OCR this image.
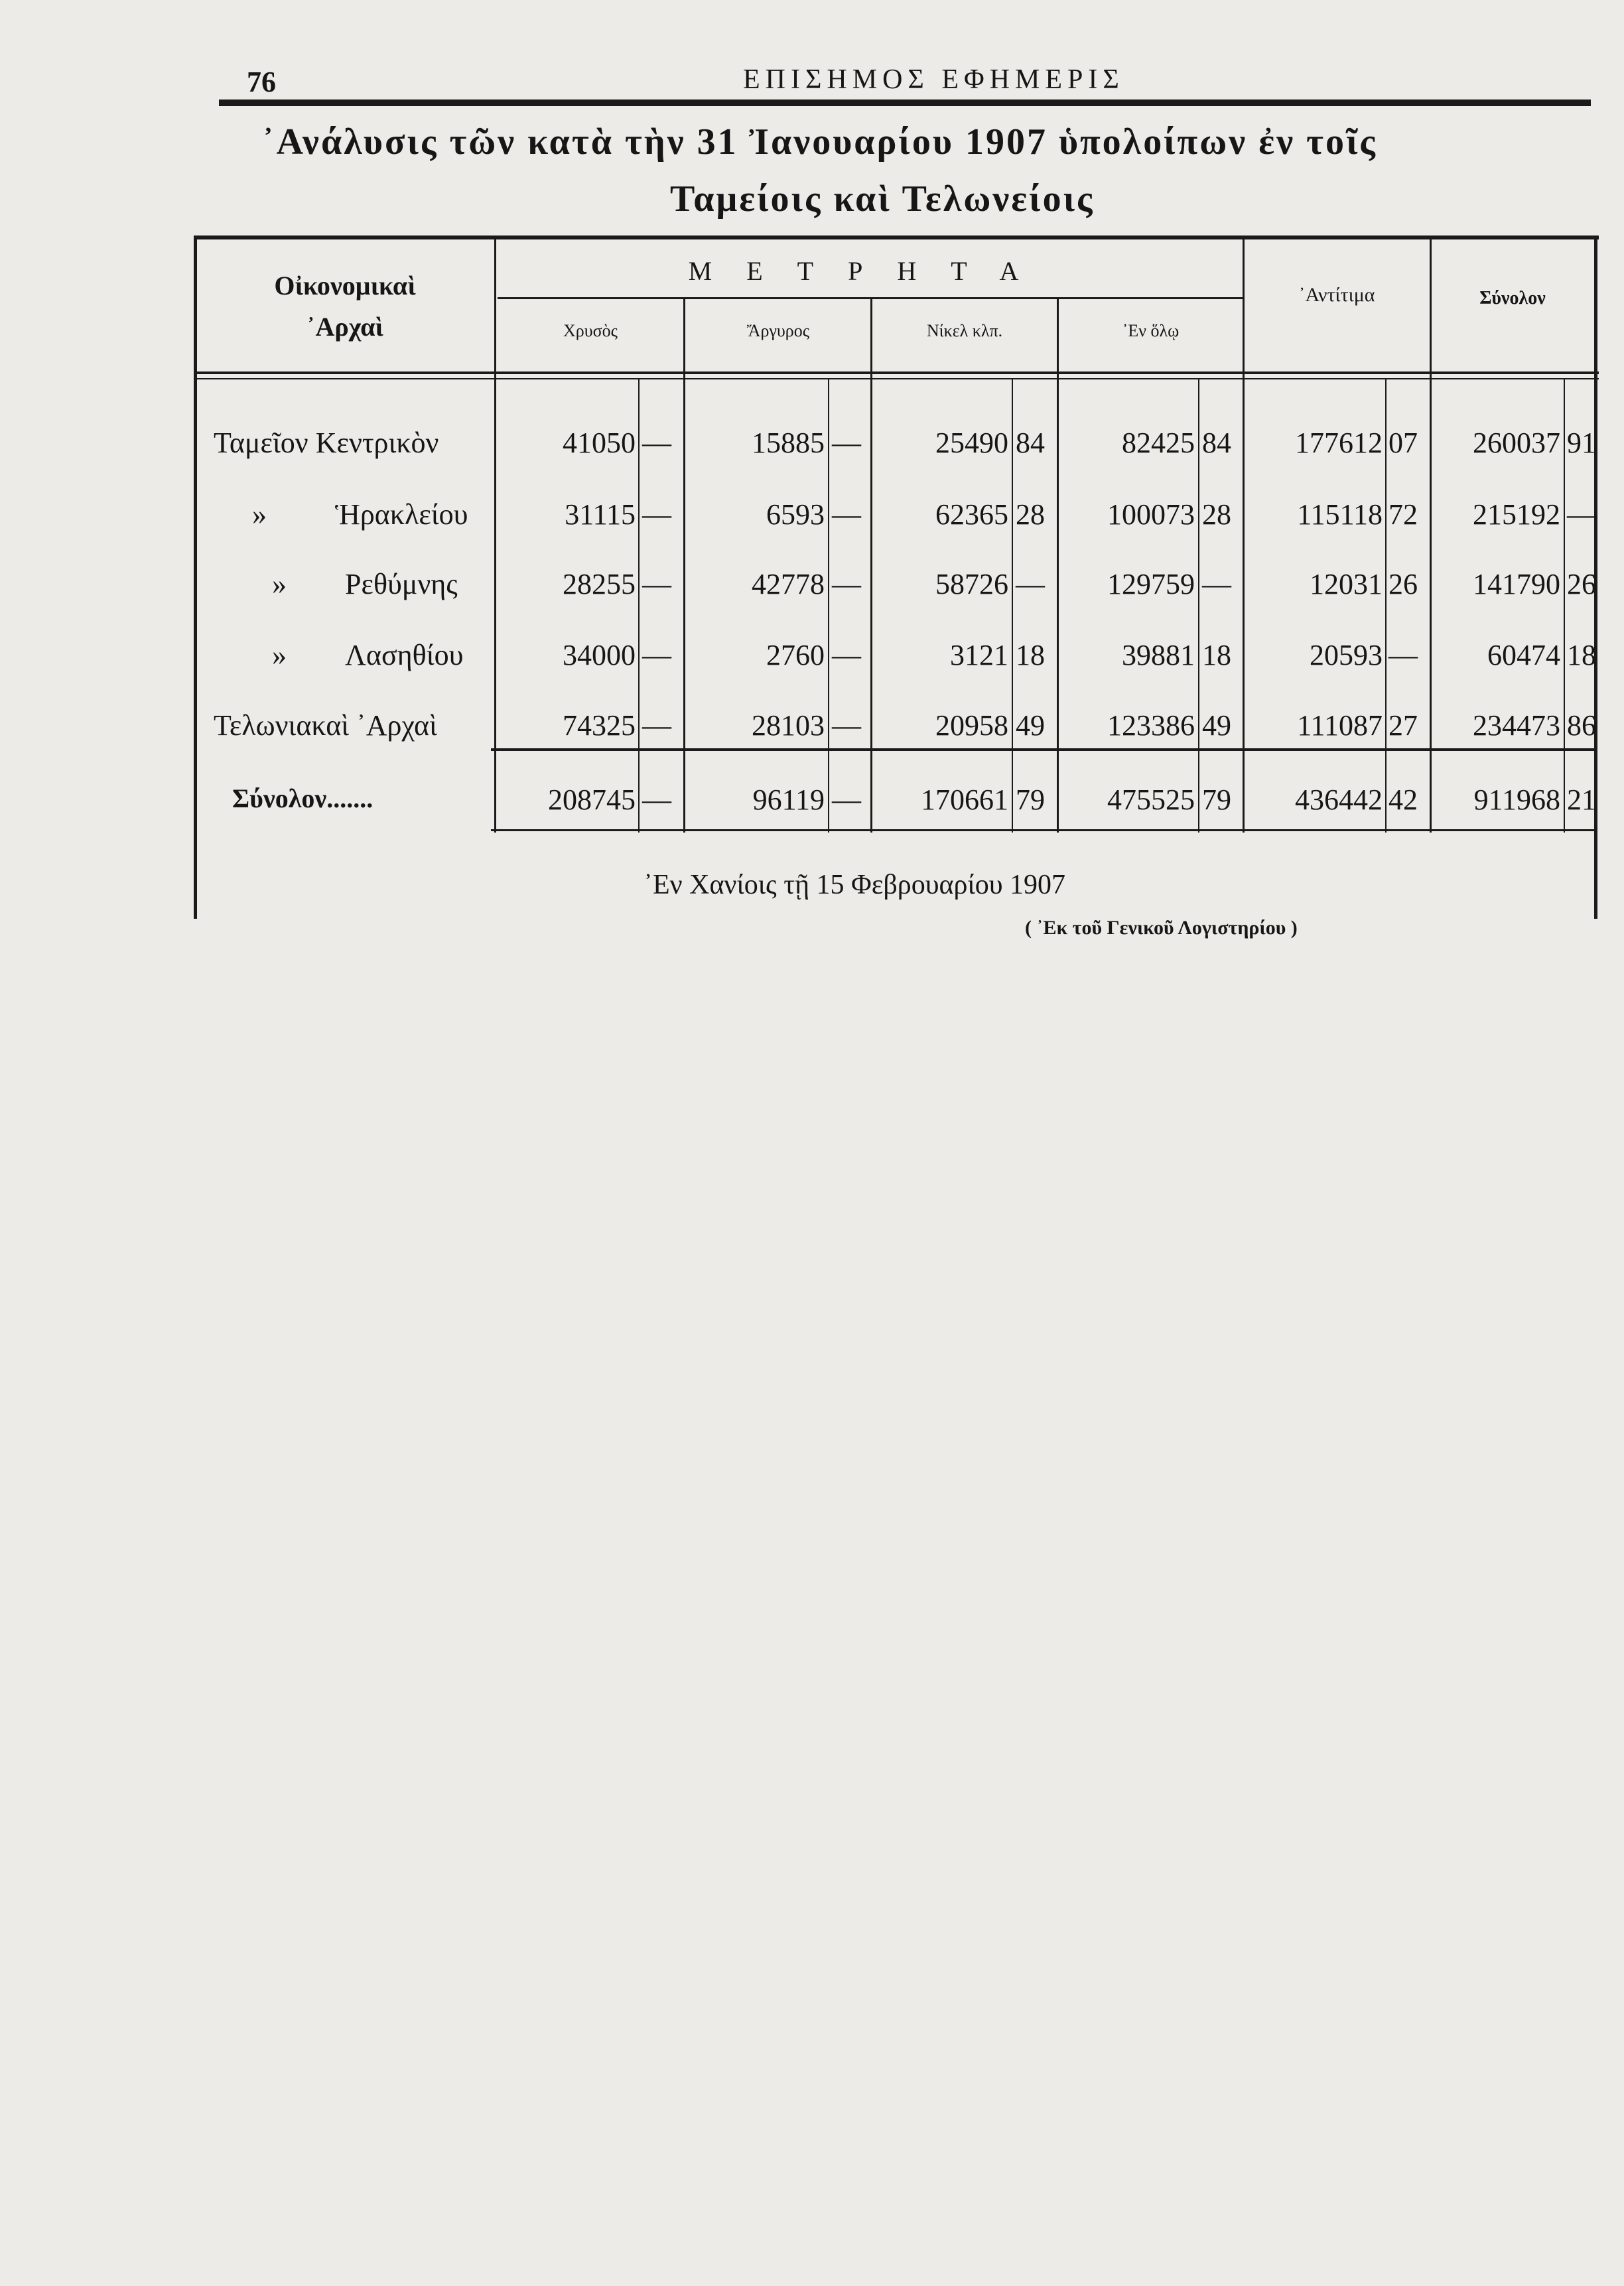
76	ΕΠΙΣΗΜΟΣ ΕΦΗΜΕΡΙΣ
᾿Ανάλυσις τῶν κατὰ τὴν 31 Ἰανουαρίου 1907 ὑπολοίπων ἐν τοῖς
Ταμείοις καὶ Τελωνείοις
Οἰκονομικαὶ
᾿Αρχαὶ
ΜΕΤΡΗΤΑ
Χρυσὸς	Ἄργυρος	Νίκελ κλπ.	᾿Εν ὅλῳ
᾿Αντίτιμα	Σύνολον
Ταμεῖον Κεντρικὸν	41050 —	15885 —	25490 84	82425 84	177612 07	260037 91
» Ἡρακλείου	31115 —	6593 —	62365 28	100073 28	115118 72	215192 —
» Ρεθύμνης	28255 —	42778 —	58726 —	129759 —	12031 26	141790 26
» Λασηθίου	34000 —	2760 —	3121 18	39881 18	20593 —	60474 18
Τελωνιακαὶ ᾿Αρχαὶ	74325 —	28103 —	20958 49	123386 49	111087 27	234473 86
Σύνολον.......	208745 —	96119 —	170661 79	475525 79	436442 42	911968 21
᾿Εν Χανίοις τῇ 15 Φεβρουαρίου 1907
( ᾿Εκ τοῦ Γενικοῦ Λογιστηρίου )
